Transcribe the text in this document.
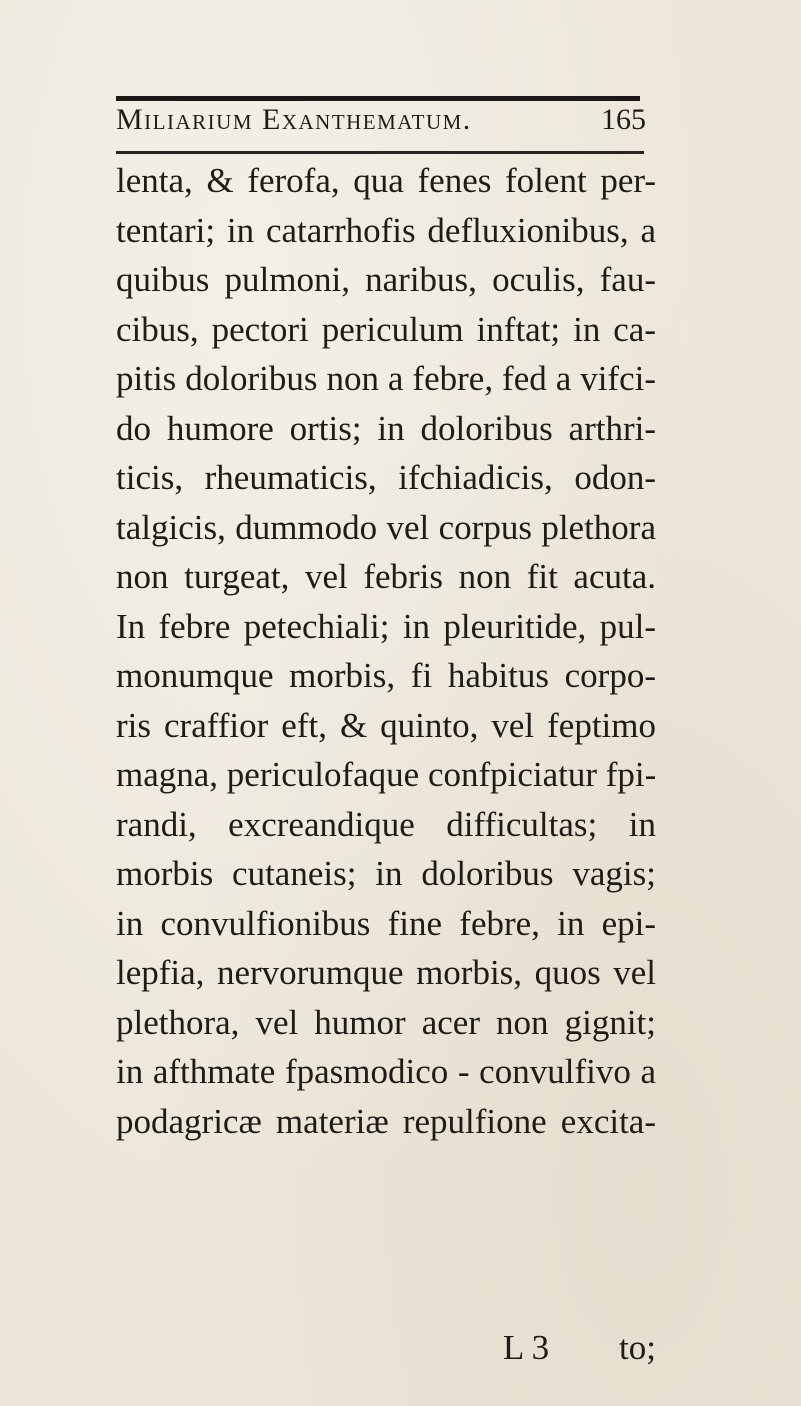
Miliarium Exanthematum.	165
lenta, & ferofa, qua fenes folent per-
tentari; in catarrhofis defluxionibus, a
quibus pulmoni, naribus, oculis, fau-
cibus, pectori periculum inftat; in ca-
pitis doloribus non a febre, fed a vifci-
do humore ortis; in doloribus arthri-
ticis, rheumaticis, ifchiadicis, odon-
talgicis, dummodo vel corpus plethora
non turgeat, vel febris non fit acuta.
In febre petechiali; in pleuritide, pul-
monumque morbis, fi habitus corpo-
ris craffior eft, & quinto, vel feptimo
magna, periculofaque confpiciatur fpi-
randi, excreandique difficultas; in
morbis cutaneis; in doloribus vagis;
in convulfionibus fine febre, in epi-
lepfia, nervorumque morbis, quos vel
plethora, vel humor acer non gignit;
in afthmate fpasmodico - convulfivo a
podagricæ materiæ repulfione excita-
L 3 to;
